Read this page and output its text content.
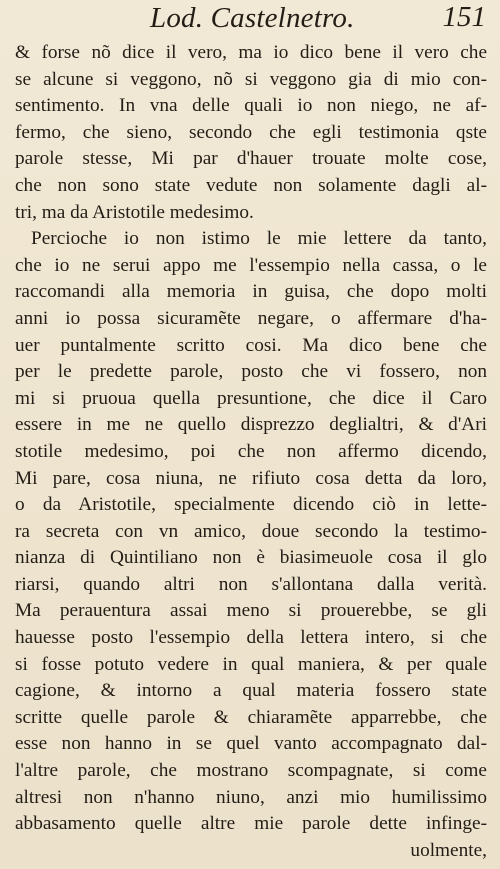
Lod. Castelnetro.	151
& forse nõ dice il vero, ma io dico bene il vero che
se alcune si veggono, nõ si veggono gia di mio con-
sentimento. In vna delle quali io non niego, ne af-
fermo, che sieno, secondo che egli testimonia qste
parole stesse, Mi par d'hauer trouate molte cose,
che non sono state vedute non solamente dagli al-
tri, ma da Aristotile medesimo.
Percioche io non istimo le mie lettere da tanto,
che io ne serui appo me l'essempio nella cassa, o le
raccomandi alla memoria in guisa, che dopo molti
anni io possa sicuramẽte negare, o affermare d'ha-
uer puntalmente scritto cosi. Ma dico bene che
per le predette parole, posto che vi fossero, non
mi si pruoua quella presuntione, che dice il Caro
essere in me ne quello disprezzo deglialtri, & d'Ari
stotile medesimo, poi che non affermo dicendo,
Mi pare, cosa niuna, ne rifiuto cosa detta da loro,
o da Aristotile, specialmente dicendo ciò in lette-
ra secreta con vn amico, doue secondo la testimo-
nianza di Quintiliano non è biasimeuole cosa il glo
riarsi, quando altri non s'allontana dalla verità.
Ma perauentura assai meno si prouerebbe, se gli
hauesse posto l'essempio della lettera intero, si che
si fosse potuto vedere in qual maniera, & per quale
cagione, & intorno a qual materia fossero state
scritte quelle parole & chiaramẽte apparrebbe, che
esse non hanno in se quel vanto accompagnato dal-
l'altre parole, che mostrano scompagnate, si come
altresi non n'hanno niuno, anzi mio humilissimo
abbasamento quelle altre mie parole dette infinge-
uolmente,
